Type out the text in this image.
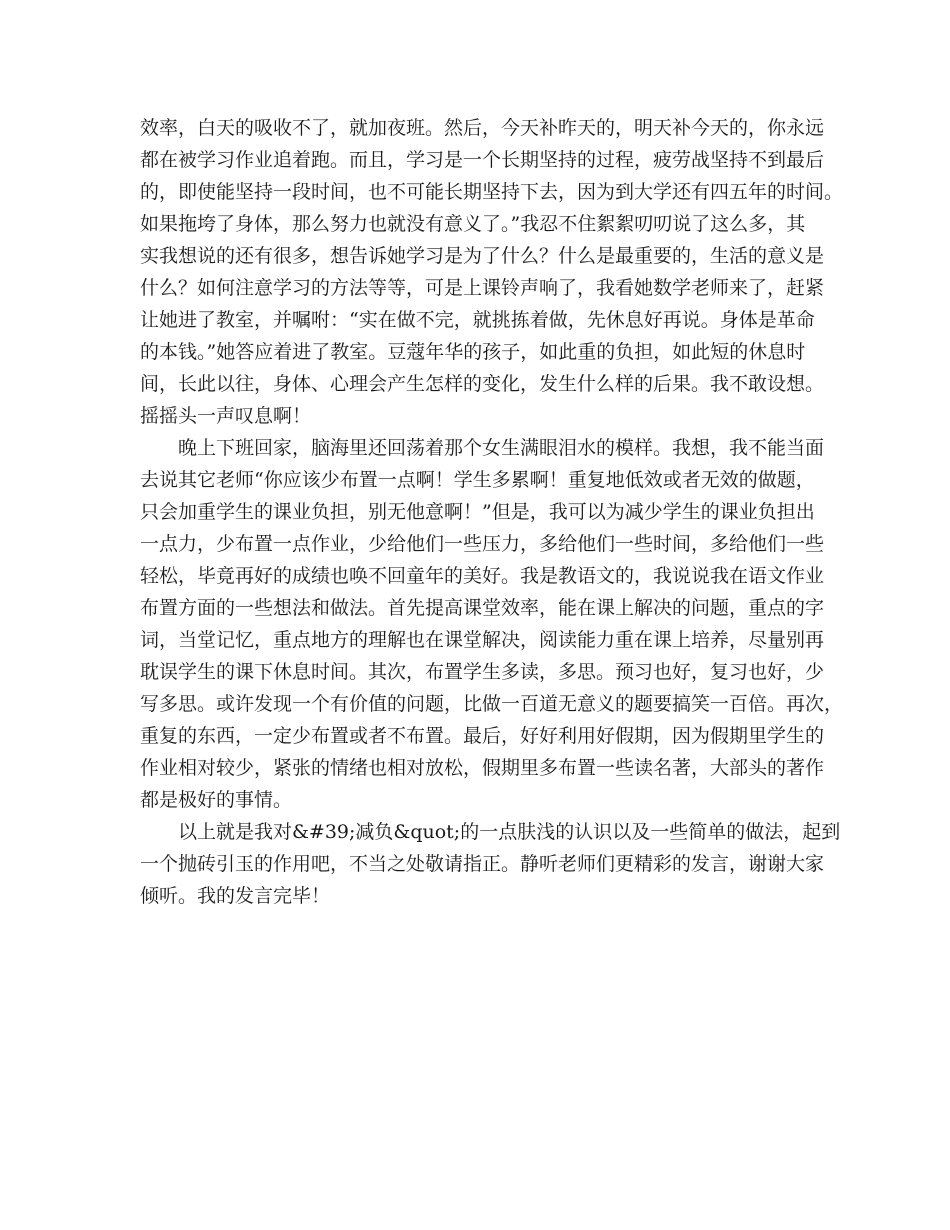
效率，白天的吸收不了，就加夜班。然后，今天补昨天的，明天补今天的，你永远
都在被学习作业追着跑。而且，学习是一个长期坚持的过程，疲劳战坚持不到最后
的，即使能坚持一段时间，也不可能长期坚持下去，因为到大学还有四五年的时间。
如果拖垮了身体，那么努力也就没有意义了。”我忍不住絮絮叨叨说了这么多，其
实我想说的还有很多，想告诉她学习是为了什么？什么是最重要的，生活的意义是
什么？如何注意学习的方法等等，可是上课铃声响了，我看她数学老师来了，赶紧
让她进了教室，并嘱咐：“实在做不完，就挑拣着做，先休息好再说。身体是革命
的本钱。”她答应着进了教室。豆蔻年华的孩子，如此重的负担，如此短的休息时
间，长此以往，身体、心理会产生怎样的变化，发生什么样的后果。我不敢设想。
摇摇头一声叹息啊！
晚上下班回家，脑海里还回荡着那个女生满眼泪水的模样。我想，我不能当面
去说其它老师“你应该少布置一点啊！学生多累啊！重复地低效或者无效的做题，
只会加重学生的课业负担，别无他意啊！”但是，我可以为减少学生的课业负担出
一点力，少布置一点作业，少给他们一些压力，多给他们一些时间，多给他们一些
轻松，毕竟再好的成绩也唤不回童年的美好。我是教语文的，我说说我在语文作业
布置方面的一些想法和做法。首先提高课堂效率，能在课上解决的问题，重点的字
词，当堂记忆，重点地方的理解也在课堂解决，阅读能力重在课上培养，尽量别再
耽误学生的课下休息时间。其次，布置学生多读，多思。预习也好，复习也好，少
写多思。或许发现一个有价值的问题，比做一百道无意义的题要搞笑一百倍。再次，
重复的东西，一定少布置或者不布置。最后，好好利用好假期，因为假期里学生的
作业相对较少，紧张的情绪也相对放松，假期里多布置一些读名著，大部头的著作
都是极好的事情。
以上就是我对&#39;减负&quot;的一点肤浅的认识以及一些简单的做法，起到
一个抛砖引玉的作用吧，不当之处敬请指正。静听老师们更精彩的发言，谢谢大家
倾听。我的发言完毕！
